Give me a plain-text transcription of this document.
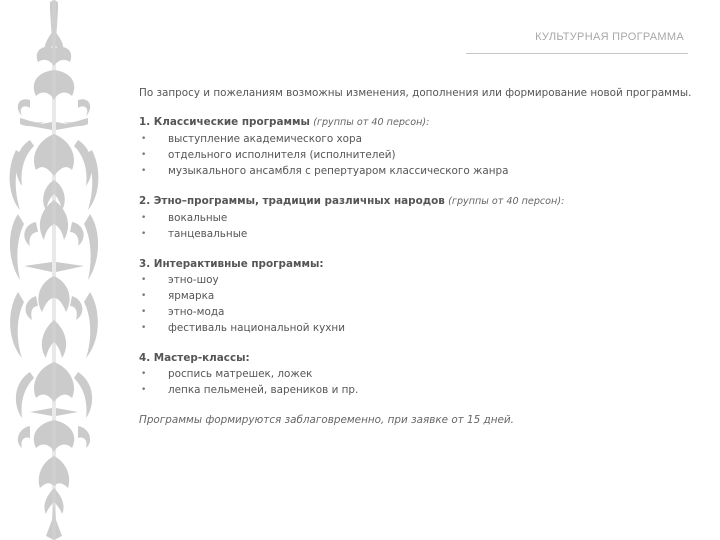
КУЛЬТУРНАЯ ПРОГРАММА

По запросу и пожеланиям возможны изменения, дополнения или формирование новой программы.

1. Классические программы (группы от 40 персон):
• выступление академического хора
• отдельного исполнителя (исполнителей)
• музыкального ансамбля с репертуаром классического жанра
2. Этно–программы, традиции различных народов (группы от 40 персон):
• вокальные
• танцевальные
3. Интерактивные программы:
• этно-шоу
• ярмарка
• этно-мода
• фестиваль национальной кухни
4. Мастер-классы:
• роспись матрешек, ложек
• лепка пельменей, вареников и пр.
Программы формируются заблаговременно, при заявке от 15 дней.
